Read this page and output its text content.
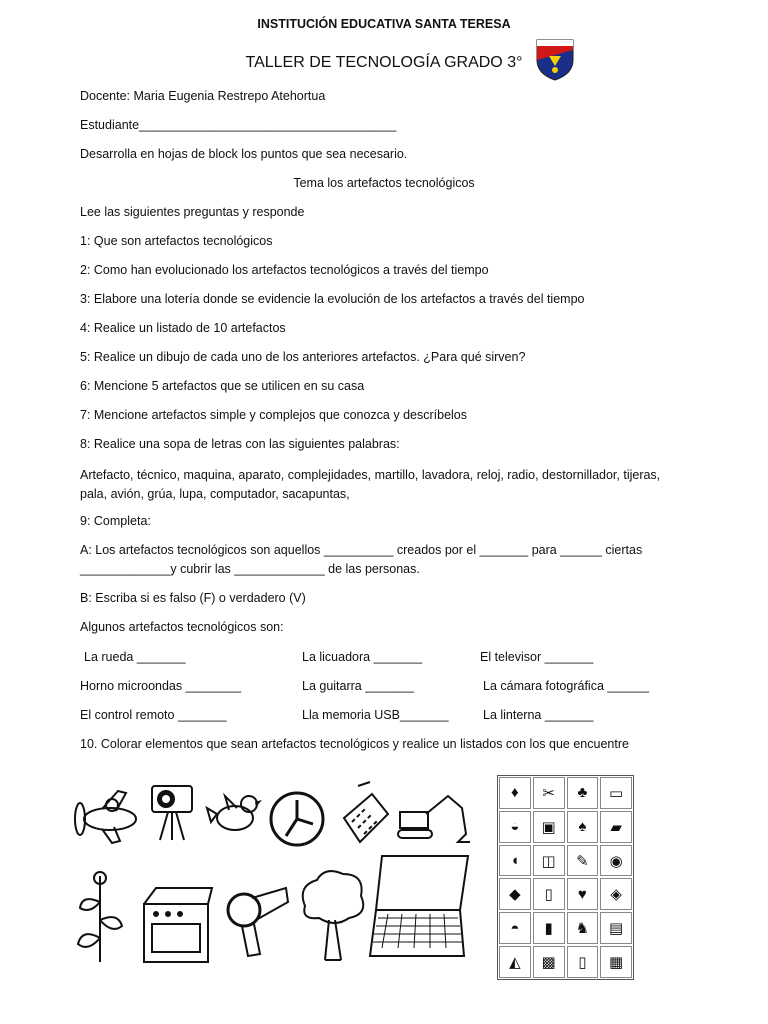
INSTITUCIÓN EDUCATIVA SANTA TERESA
TALLER DE TECNOLOGÍA GRADO 3°
Docente: Maria Eugenia Restrepo Atehortua
Estudiante_____________________________________
Desarrolla en hojas de block los puntos que sea necesario.
Tema los artefactos tecnológicos
Lee las siguientes preguntas y responde
1: Que son artefactos tecnológicos
2: Como han evolucionado los artefactos tecnológicos a través del tiempo
3: Elabore una lotería donde se evidencie la evolución de los artefactos a través del tiempo
4: Realice un listado de 10 artefactos
5: Realice un dibujo de cada uno de los anteriores artefactos. ¿Para qué sirven?
6: Mencione 5 artefactos que se utilicen en su casa
7: Mencione artefactos simple y complejos que conozca y descríbelos
8: Realice una sopa de letras con las siguientes palabras:
Artefacto, técnico, maquina, aparato, complejidades, martillo, lavadora, reloj, radio, destornillador, tijeras, pala, avión, grúa, lupa, computador, sacapuntas,
9: Completa:
A: Los artefactos tecnológicos son aquellos __________ creados por el _______ para ______ ciertas
_____________y cubrir las _____________ de las personas.
B: Escriba si es falso (F) o verdadero (V)
Algunos artefactos tecnológicos son:
La rueda _______	La licuadora _______	El televisor _______
Horno microondas ________	La guitarra _______	La cámara fotográfica ______
El control remoto _______	Lla memoria USB_______	La linterna _______
10. Colorar elementos que sean artefactos tecnológicos y realice un listados con los que encuentre
♦ ✂ ♣ ▭
◒ ▣ ♠ ▰
◖ ◫ ✎ ◉
◆ ▯ ♥ ◈
◓ ▮ ♞ ▤
◭ ▩ ▯ ▦
